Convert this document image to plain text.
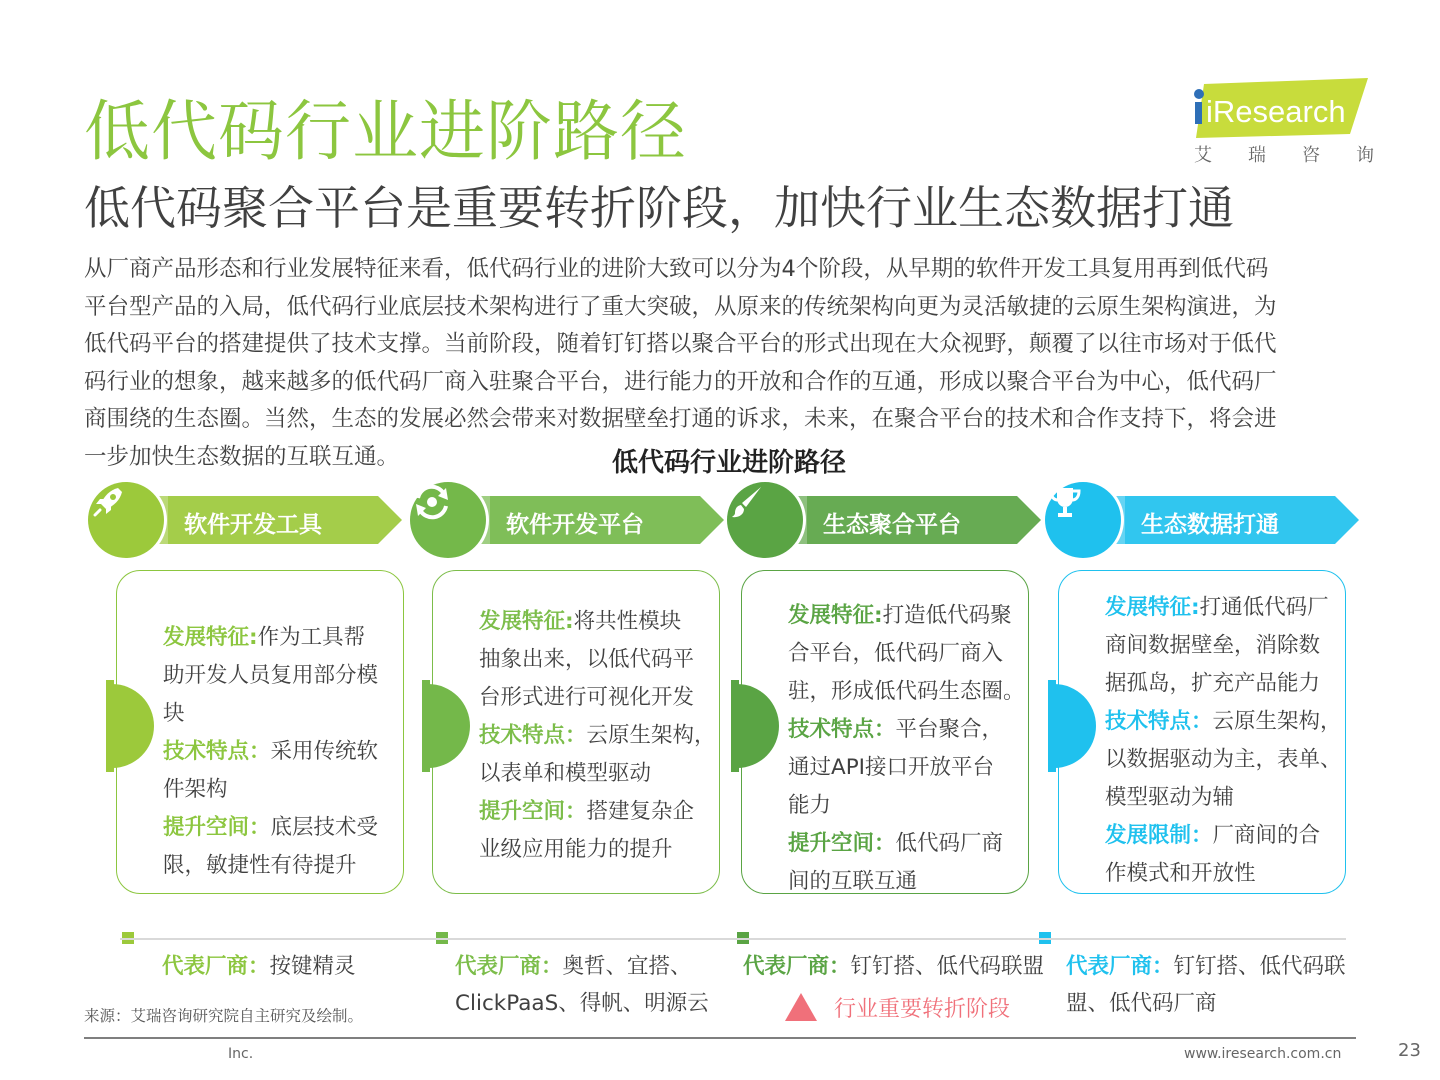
低代码行业进阶路径
低代码聚合平台是重要转折阶段，加快行业生态数据打通
iResearch
艾瑞咨询
从厂商产品形态和行业发展特征来看，低代码行业的进阶大致可以分为4个阶段，从早期的软件开发工具复用再到低代码
平台型产品的入局，低代码行业底层技术架构进行了重大突破，从原来的传统架构向更为灵活敏捷的云原生架构演进，为
低代码平台的搭建提供了技术支撑。当前阶段，随着钉钉搭以聚合平台的形式出现在大众视野，颠覆了以往市场对于低代
码行业的想象，越来越多的低代码厂商入驻聚合平台，进行能力的开放和合作的互通，形成以聚合平台为中心，低代码厂
商围绕的生态圈。当然，生态的发展必然会带来对数据壁垒打通的诉求，未来，在聚合平台的技术和合作支持下，将会进
一步加快生态数据的互联互通。	低代码行业进阶路径
软件开发工具
发展特征:作为工具帮
助开发人员复用部分模
块
技术特点：采用传统软
件架构
提升空间：底层技术受
限，敏捷性有待提升
代表厂商：按键精灵
软件开发平台
发展特征:将共性模块
抽象出来，以低代码平
台形式进行可视化开发
技术特点：云原生架构，
以表单和模型驱动
提升空间：搭建复杂企
业级应用能力的提升
代表厂商：奥哲、宜搭、
ClickPaaS、得帆、明源云
生态聚合平台
发展特征:打造低代码聚
合平台，低代码厂商入
驻，形成低代码生态圈。
技术特点：平台聚合，
通过API接口开放平台
能力
提升空间：低代码厂商
间的互联互通
代表厂商：钉钉搭、低代码联盟
生态数据打通
发展特征:打通低代码厂
商间数据壁垒，消除数
据孤岛，扩充产品能力
技术特点：云原生架构，
以数据驱动为主，表单、
模型驱动为辅
发展限制：厂商间的合
作模式和开放性
代表厂商：钉钉搭、低代码联
盟、低代码厂商
行业重要转折阶段
来源：艾瑞咨询研究院自主研究及绘制。
Inc.	www.iresearch.com.cn	23
